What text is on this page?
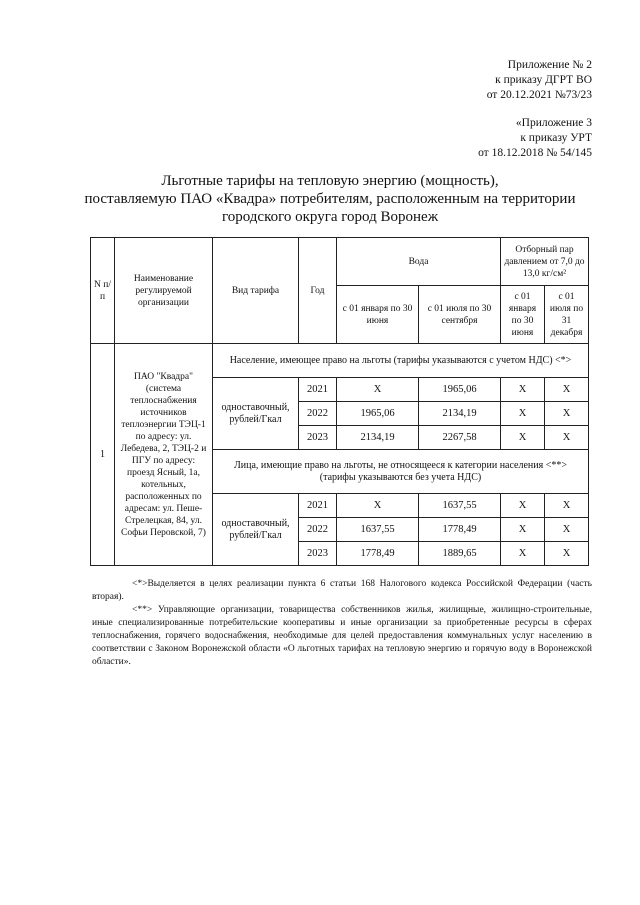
Приложение № 2
к приказу ДГРТ ВО
от 20.12.2021 №73/23
«Приложение 3
к приказу УРТ
от 18.12.2018 № 54/145
Льготные тарифы на тепловую энергию (мощность),
поставляемую ПАО «Квадра» потребителям, расположенным на территории
городского округа город Воронеж
N п/п	Наименование регулируемой организации	Вид тарифа	Год	Вода		Отборный пар давлением от 7,0 до 13,0 кг/см²	
				с 01 января по 30 июня	с 01 июля по 30 сентября	с 01 января по 30 июня	с 01 июля по 31 декабря
1	ПАО "Квадра" (система теплоснабжения источников теплоэнергии ТЭЦ-1 по адресу: ул. Лебедева, 2, ТЭЦ-2 и ПГУ по адресу: проезд Ясный, 1а, котельных, расположенных по адресам: ул. Пеше-Стрелецкая, 84, ул. Софьи Перовской, 7)	Население, имеющее право на льготы (тарифы указываются с учетом НДС) <*>					
		одноставочный, рублей/Гкал	2021	Х	1965,06	Х	Х
			2022	1965,06	2134,19	Х	Х
			2023	2134,19	2267,58	Х	Х
		Лица, имеющие право на льготы, не относящееся к категории населения <**> (тарифы указываются без учета НДС)					
		одноставочный, рублей/Гкал	2021	Х	1637,55	Х	Х
			2022	1637,55	1778,49	Х	Х
			2023	1778,49	1889,65	Х	Х

<*>Выделяется в целях реализации пункта 6 статьи 168 Налогового кодекса Российской Федерации (часть вторая).

<**> Управляющие организации, товарищества собственников жилья, жилищные, жилищно-строительные, иные специализированные потребительские кооперативы и иные организации за приобретенные ресурсы в сферах теплоснабжения, горячего водоснабжения, необходимые для целей предоставления коммунальных услуг населению в соответствии с Законом Воронежской области «О льготных тарифах на тепловую энергию и горячую воду в Воронежской области».
